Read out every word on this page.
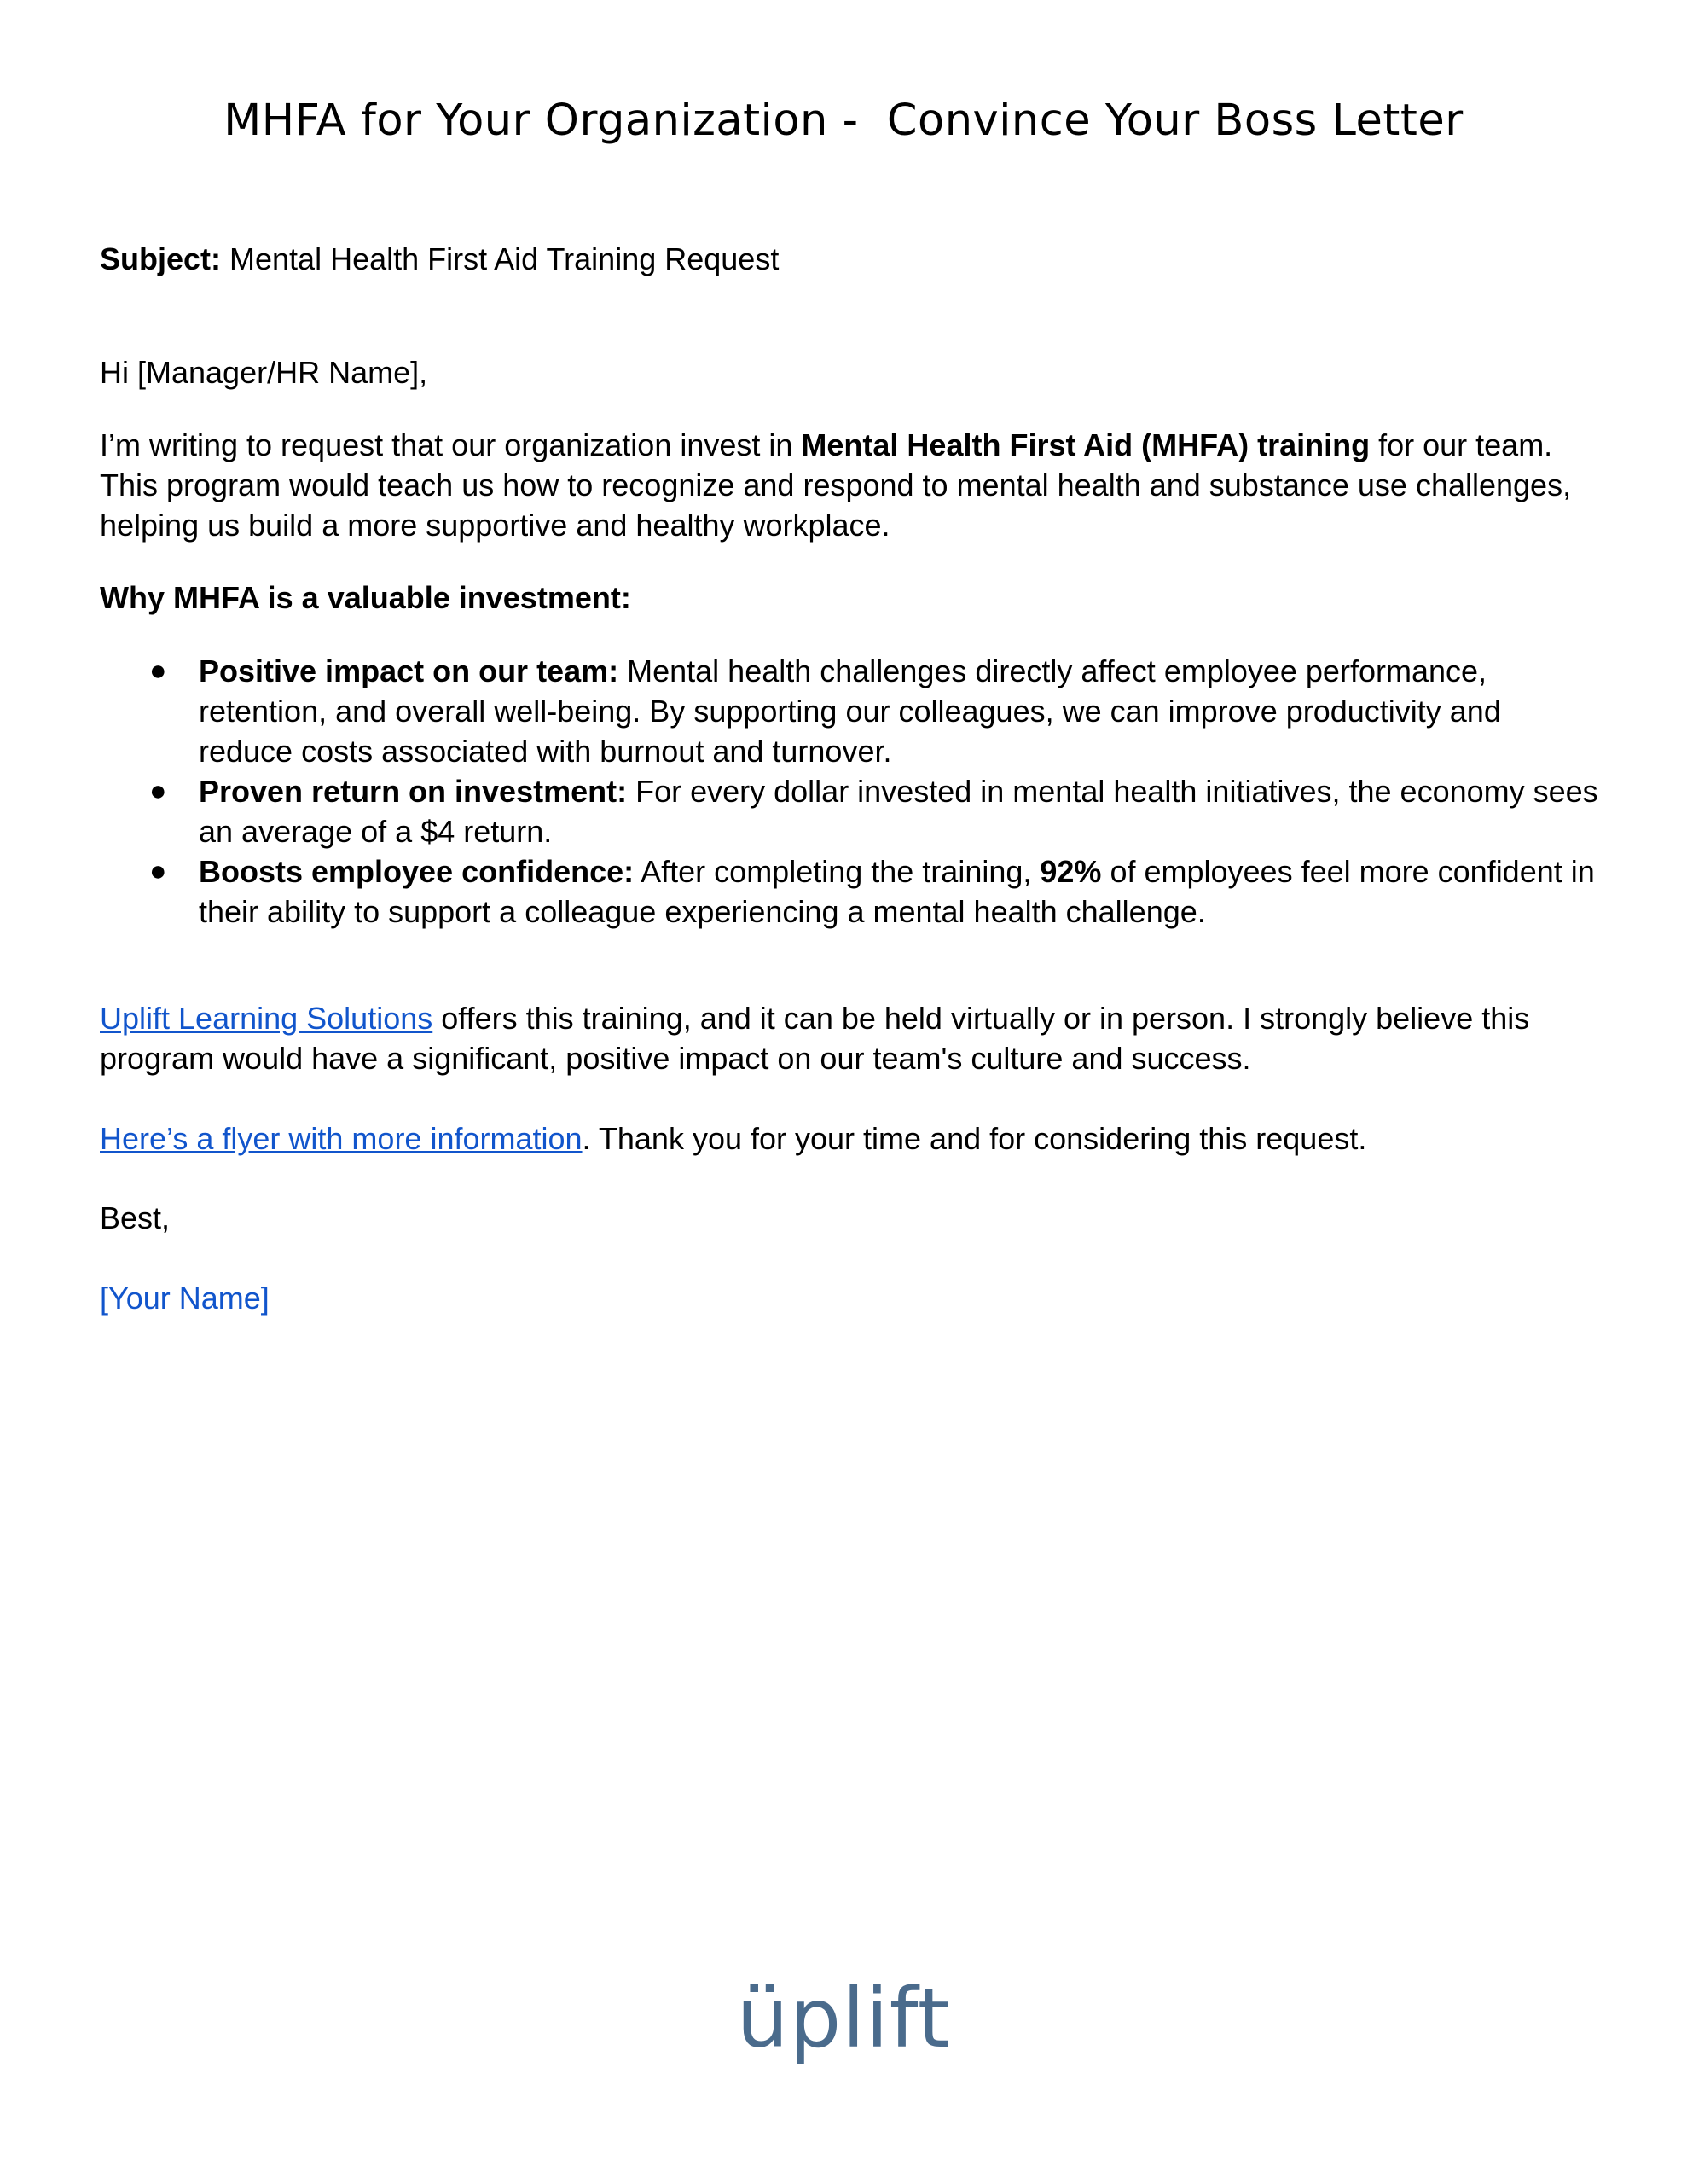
MHFA for Your Organization -  Convince Your Boss Letter

Subject: Mental Health First Aid Training Request

Hi [Manager/HR Name],

I’m writing to request that our organization invest in Mental Health First Aid (MHFA) training for our team. This program would teach us how to recognize and respond to mental health and substance use challenges, helping us build a more supportive and healthy workplace.

Why MHFA is a valuable investment:

● Positive impact on our team: Mental health challenges directly affect employee performance, retention, and overall well-being. By supporting our colleagues, we can improve productivity and reduce costs associated with burnout and turnover.
● Proven return on investment: For every dollar invested in mental health initiatives, the economy sees an average of a $4 return.
● Boosts employee confidence: After completing the training, 92% of employees feel more confident in their ability to support a colleague experiencing a mental health challenge.

Uplift Learning Solutions offers this training, and it can be held virtually or in person. I strongly believe this program would have a significant, positive impact on our team's culture and success.

Here’s a flyer with more information. Thank you for your time and for considering this request.

Best,

[Your Name]

üplift
